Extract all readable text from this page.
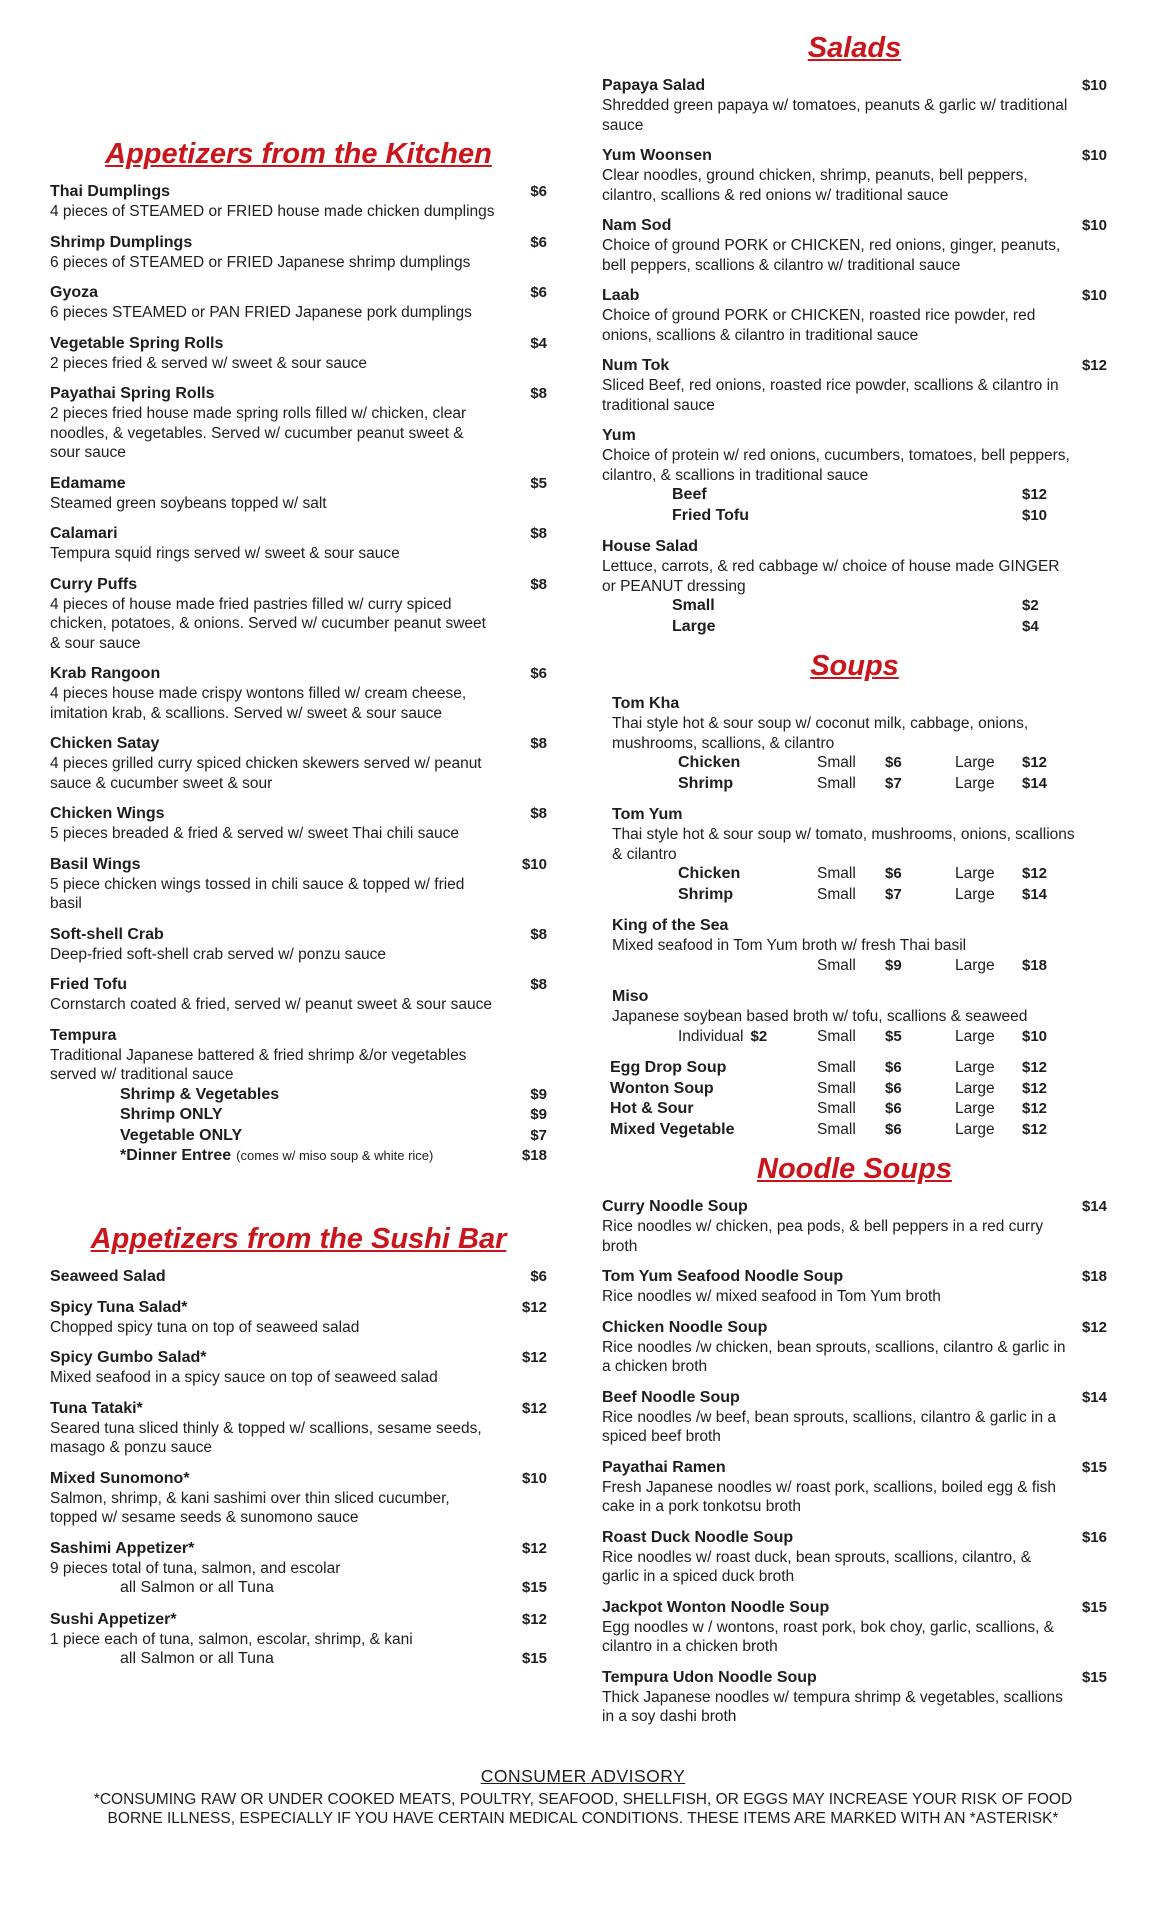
Appetizers from the Kitchen
Thai Dumplings	$6
4 pieces of STEAMED or FRIED house made chicken dumplings
Shrimp Dumplings	$6
6 pieces of STEAMED or FRIED Japanese shrimp dumplings
Gyoza	$6
6 pieces STEAMED or PAN FRIED Japanese pork dumplings
Vegetable Spring Rolls	$4
2 pieces fried & served w/ sweet & sour sauce
Payathai Spring Rolls	$8
2 pieces fried house made spring rolls filled w/ chicken, clear noodles, & vegetables. Served w/ cucumber peanut sweet & sour sauce
Edamame	$5
Steamed green soybeans topped w/ salt
Calamari	$8
Tempura squid rings served w/ sweet & sour sauce
Curry Puffs	$8
4 pieces of house made fried pastries filled w/ curry spiced chicken, potatoes, & onions. Served w/ cucumber peanut sweet & sour sauce
Krab Rangoon	$6
4 pieces house made crispy wontons filled w/ cream cheese, imitation krab, & scallions. Served w/ sweet & sour sauce
Chicken Satay	$8
4 pieces grilled curry spiced chicken skewers served w/ peanut sauce & cucumber sweet & sour
Chicken Wings	$8
5 pieces breaded & fried & served w/ sweet Thai chili sauce
Basil Wings	$10
5 piece chicken wings tossed in chili sauce & topped w/ fried basil
Soft-shell Crab	$8
Deep-fried soft-shell crab served w/ ponzu sauce
Fried Tofu	$8
Cornstarch coated & fried, served w/ peanut sweet & sour sauce
Tempura
Traditional Japanese battered & fried shrimp &/or vegetables served w/ traditional sauce
Shrimp & Vegetables	$9
Shrimp ONLY	$9
Vegetable ONLY	$7
*Dinner Entree (comes w/ miso soup & white rice)	$18
Appetizers from the Sushi Bar
Seaweed Salad	$6
Spicy Tuna Salad*	$12
Chopped spicy tuna on top of seaweed salad
Spicy Gumbo Salad*	$12
Mixed seafood in a spicy sauce on top of seaweed salad
Tuna Tataki*	$12
Seared tuna sliced thinly & topped w/ scallions, sesame seeds, masago & ponzu sauce
Mixed Sunomono*	$10
Salmon, shrimp, & kani sashimi over thin sliced cucumber, topped w/ sesame seeds & sunomono sauce
Sashimi Appetizer*	$12
9 pieces total of tuna, salmon, and escolar
all Salmon or all Tuna	$15
Sushi Appetizer*	$12
1 piece each of tuna, salmon, escolar, shrimp, & kani
all Salmon or all Tuna	$15
Salads
Papaya Salad	$10
Shredded green papaya w/ tomatoes, peanuts & garlic w/ traditional sauce
Yum Woonsen	$10
Clear noodles, ground chicken, shrimp, peanuts, bell peppers, cilantro, scallions & red onions w/ traditional sauce
Nam Sod	$10
Choice of ground PORK or CHICKEN, red onions, ginger, peanuts, bell peppers, scallions & cilantro w/ traditional sauce
Laab	$10
Choice of ground PORK or CHICKEN, roasted rice powder, red onions, scallions & cilantro in traditional sauce
Num Tok	$12
Sliced Beef, red onions, roasted rice powder, scallions & cilantro in traditional sauce
Yum
Choice of protein w/ red onions, cucumbers, tomatoes, bell peppers, cilantro, & scallions in traditional sauce
Beef	$12
Fried Tofu	$10
House Salad
Lettuce, carrots, & red cabbage w/ choice of house made GINGER or PEANUT dressing
Small	$2
Large	$4
Soups
Tom Kha
Thai style hot & sour soup w/ coconut milk, cabbage, onions, mushrooms, scallions, & cilantro
Chicken	Small	$6	Large	$12
Shrimp	Small	$7	Large	$14
Tom Yum
Thai style hot & sour soup w/ tomato, mushrooms, onions, scallions & cilantro
Chicken	Small	$6	Large	$12
Shrimp	Small	$7	Large	$14
King of the Sea
Mixed seafood in Tom Yum broth w/ fresh Thai basil
Small	$9	Large	$18
Miso
Japanese soybean based broth w/ tofu, scallions & seaweed
Individual $2	Small	$5	Large	$10
Egg Drop Soup	Small	$6	Large	$12
Wonton Soup	Small	$6	Large	$12
Hot & Sour	Small	$6	Large	$12
Mixed Vegetable	Small	$6	Large	$12
Noodle Soups
Curry Noodle Soup	$14
Rice noodles w/ chicken, pea pods, & bell peppers in a red curry broth
Tom Yum Seafood Noodle Soup	$18
Rice noodles w/ mixed seafood in Tom Yum broth
Chicken Noodle Soup	$12
Rice noodles /w chicken, bean sprouts, scallions, cilantro & garlic in a chicken broth
Beef Noodle Soup	$14
Rice noodles /w beef, bean sprouts, scallions, cilantro & garlic in a spiced beef broth
Payathai Ramen	$15
Fresh Japanese noodles w/ roast pork, scallions, boiled egg & fish cake in a pork tonkotsu broth
Roast Duck Noodle Soup	$16
Rice noodles w/ roast duck, bean sprouts, scallions, cilantro, & garlic in a spiced duck broth
Jackpot Wonton Noodle Soup	$15
Egg noodles w / wontons, roast pork, bok choy, garlic, scallions, & cilantro in a chicken broth
Tempura Udon Noodle Soup	$15
Thick Japanese noodles w/ tempura shrimp & vegetables, scallions in a soy dashi broth
CONSUMER ADVISORY
*CONSUMING RAW OR UNDER COOKED MEATS, POULTRY, SEAFOOD, SHELLFISH, OR EGGS MAY INCREASE YOUR RISK OF FOOD
BORNE ILLNESS, ESPECIALLY IF YOU HAVE CERTAIN MEDICAL CONDITIONS. THESE ITEMS ARE MARKED WITH AN *ASTERISK*
